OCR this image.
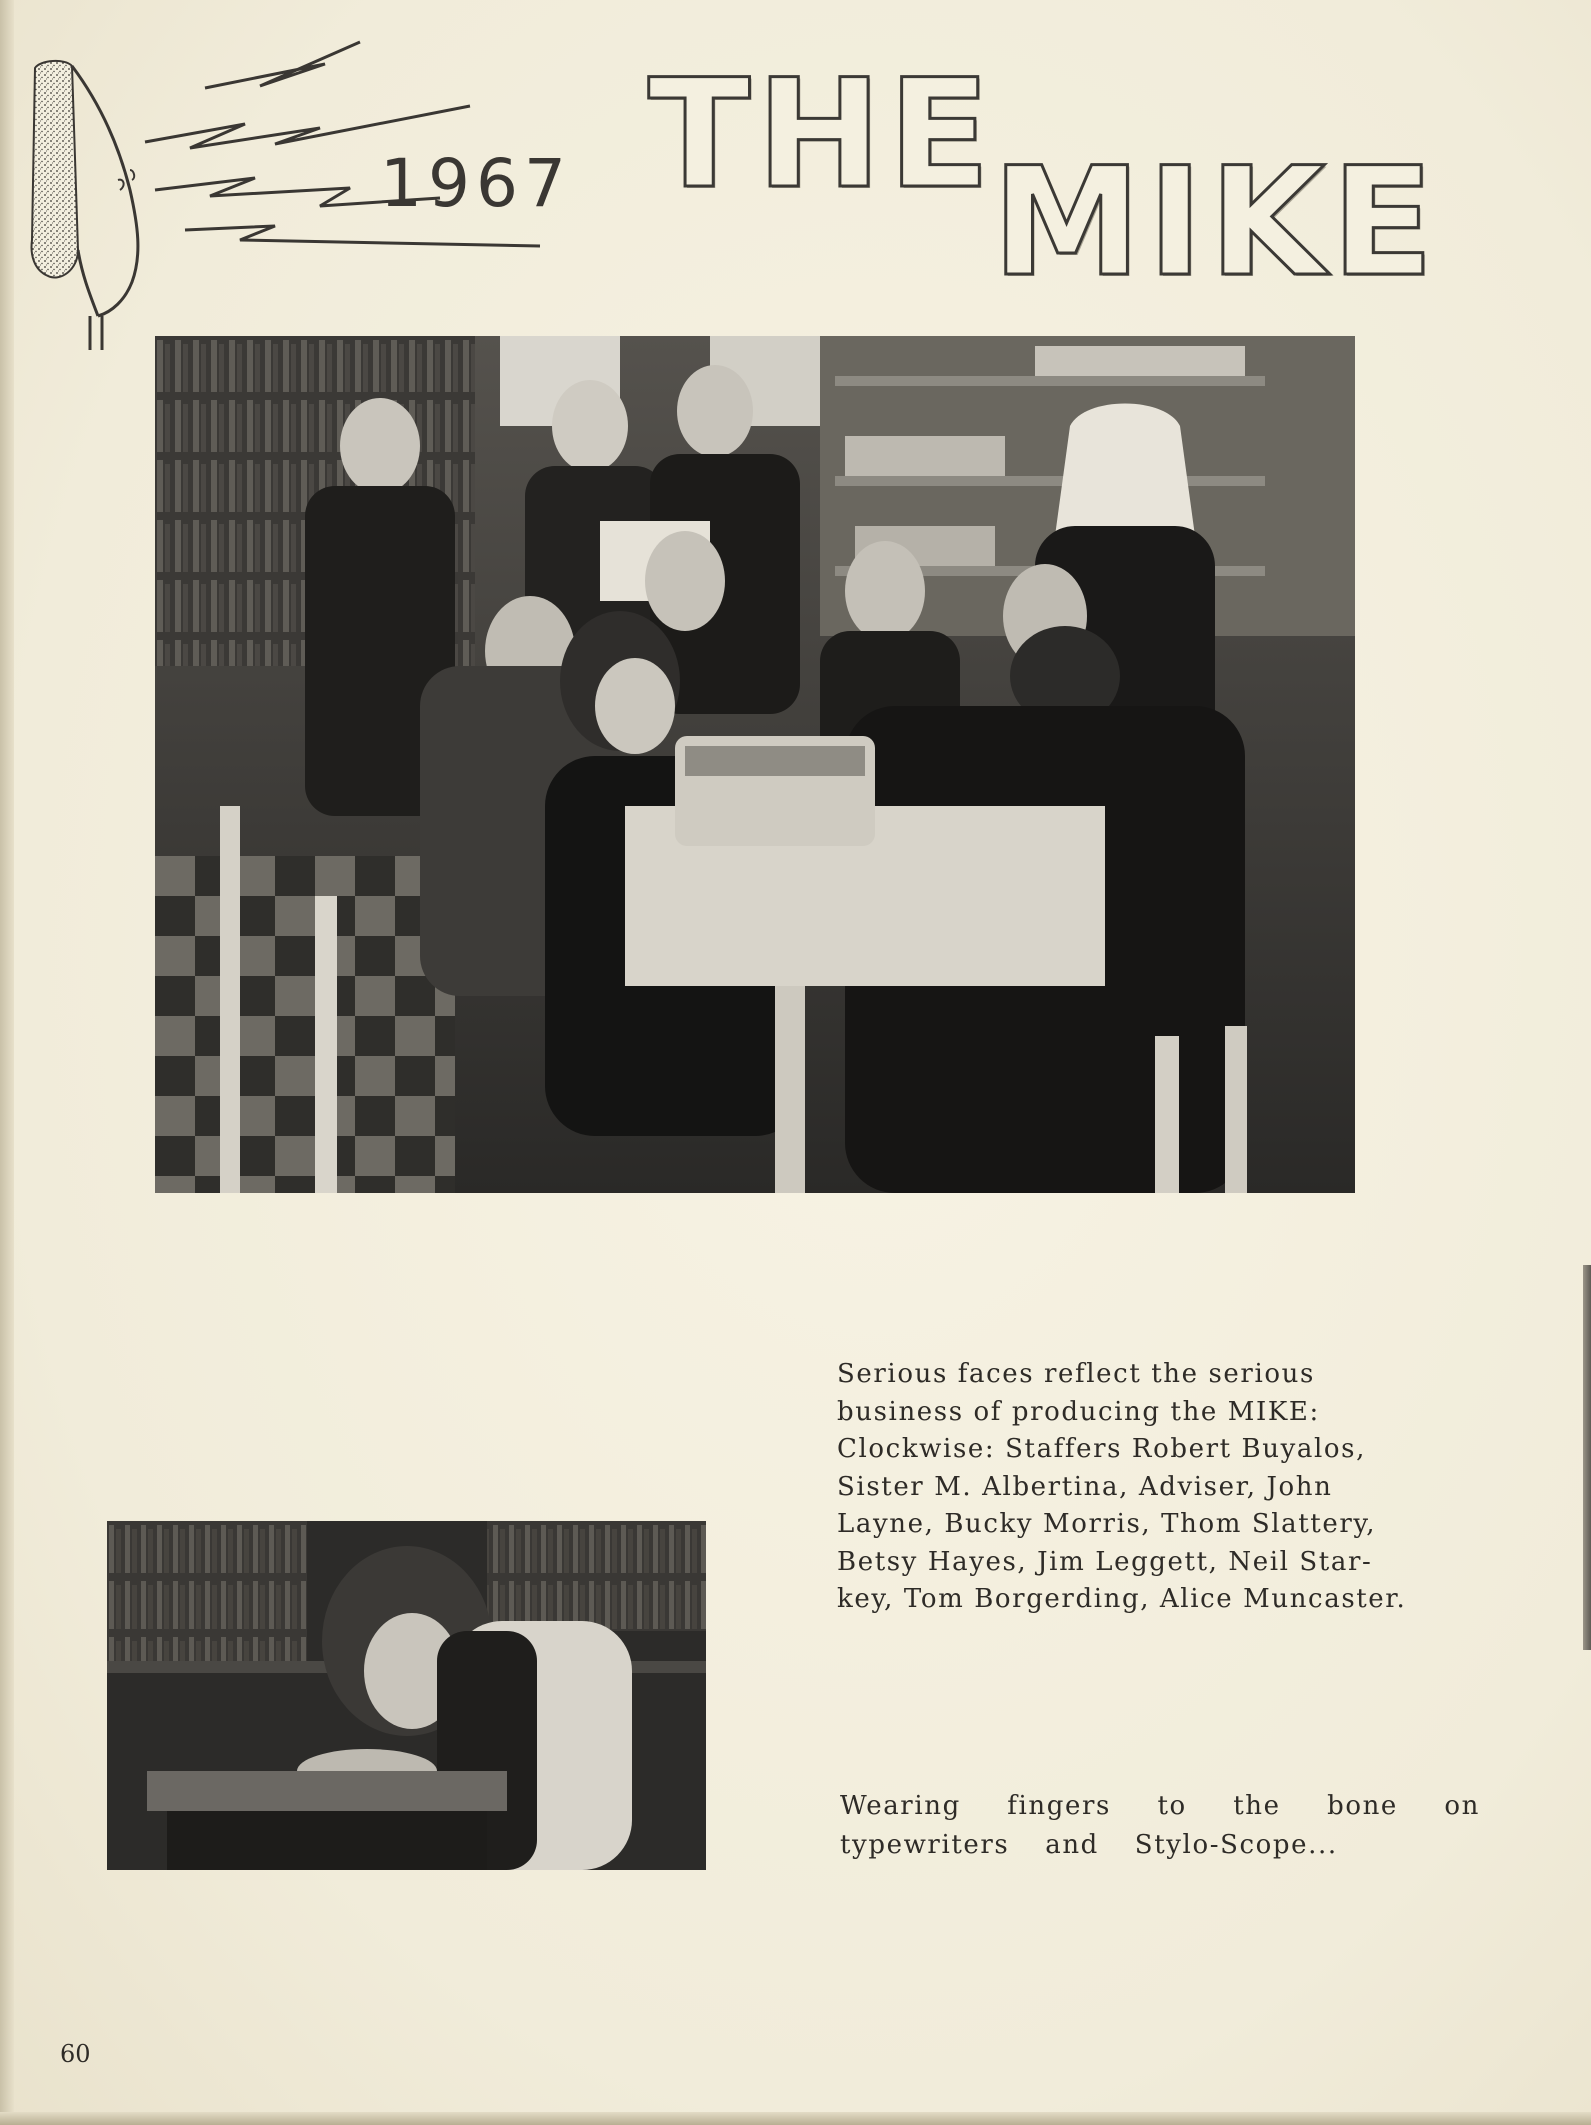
1967 THE
MIKE
Serious faces reflect the serious
business of producing the MIKE:
Clockwise: Staffers Robert Buyalos,
Sister M. Albertina, Adviser, John
Layne, Bucky Morris, Thom Slattery,
Betsy Hayes, Jim Leggett, Neil Star-
key, Tom Borgerding, Alice Muncaster.
Wearing fingers to the bone on
typewriters and Stylo-Scope...
60
